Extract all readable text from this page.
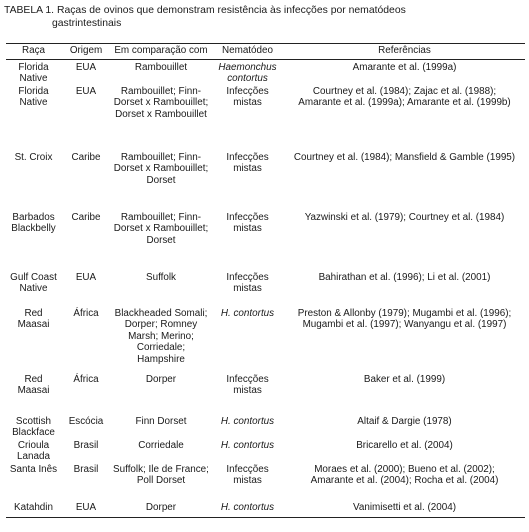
TABELA 1. Raças de ovinos que demonstram resistência às infecções por nematódeos
gastrintestinais
Raça	Origem	Em comparação com	Nematódeo	Referências
Florida Native	EUA	Rambouillet	Haemonchus contortus	Amarante et al. (1999a)
Florida Native	EUA	Rambouillet; Finn-Dorset x Rambouillet; Dorset x Rambouillet	Infecções mistas	Courtney et al. (1984); Zajac et al. (1988); Amarante et al. (1999a); Amarante et al. (1999b)
St. Croix	Caribe	Rambouillet; Finn-Dorset x Rambouillet; Dorset	Infecções mistas	Courtney et al. (1984); Mansfield & Gamble (1995)
Barbados Blackbelly	Caribe	Rambouillet; Finn-Dorset x Rambouillet; Dorset	Infecções mistas	Yazwinski et al. (1979); Courtney et al. (1984)
Gulf Coast Native	EUA	Suffolk	Infecções mistas	Bahirathan et al. (1996); Li et al. (2001)
Red Maasai	África	Blackheaded Somali; Dorper; Romney Marsh; Merino; Corriedale; Hampshire	H. contortus	Preston & Allonby (1979); Mugambi et al. (1996); Mugambi et al. (1997); Wanyangu et al. (1997)
Red Maasai	África	Dorper	Infecções mistas	Baker et al. (1999)
Scottish Blackface	Escócia	Finn Dorset	H. contortus	Altaif & Dargie (1978)
Crioula Lanada	Brasil	Corriedale	H. contortus	Bricarello et al. (2004)
Santa Inês	Brasil	Suffolk; Ile de France; Poll Dorset	Infecções mistas	Moraes et al. (2000); Bueno et al. (2002); Amarante et al. (2004); Rocha et al. (2004)
Katahdin	EUA	Dorper	H. contortus	Vanimisetti et al. (2004)
